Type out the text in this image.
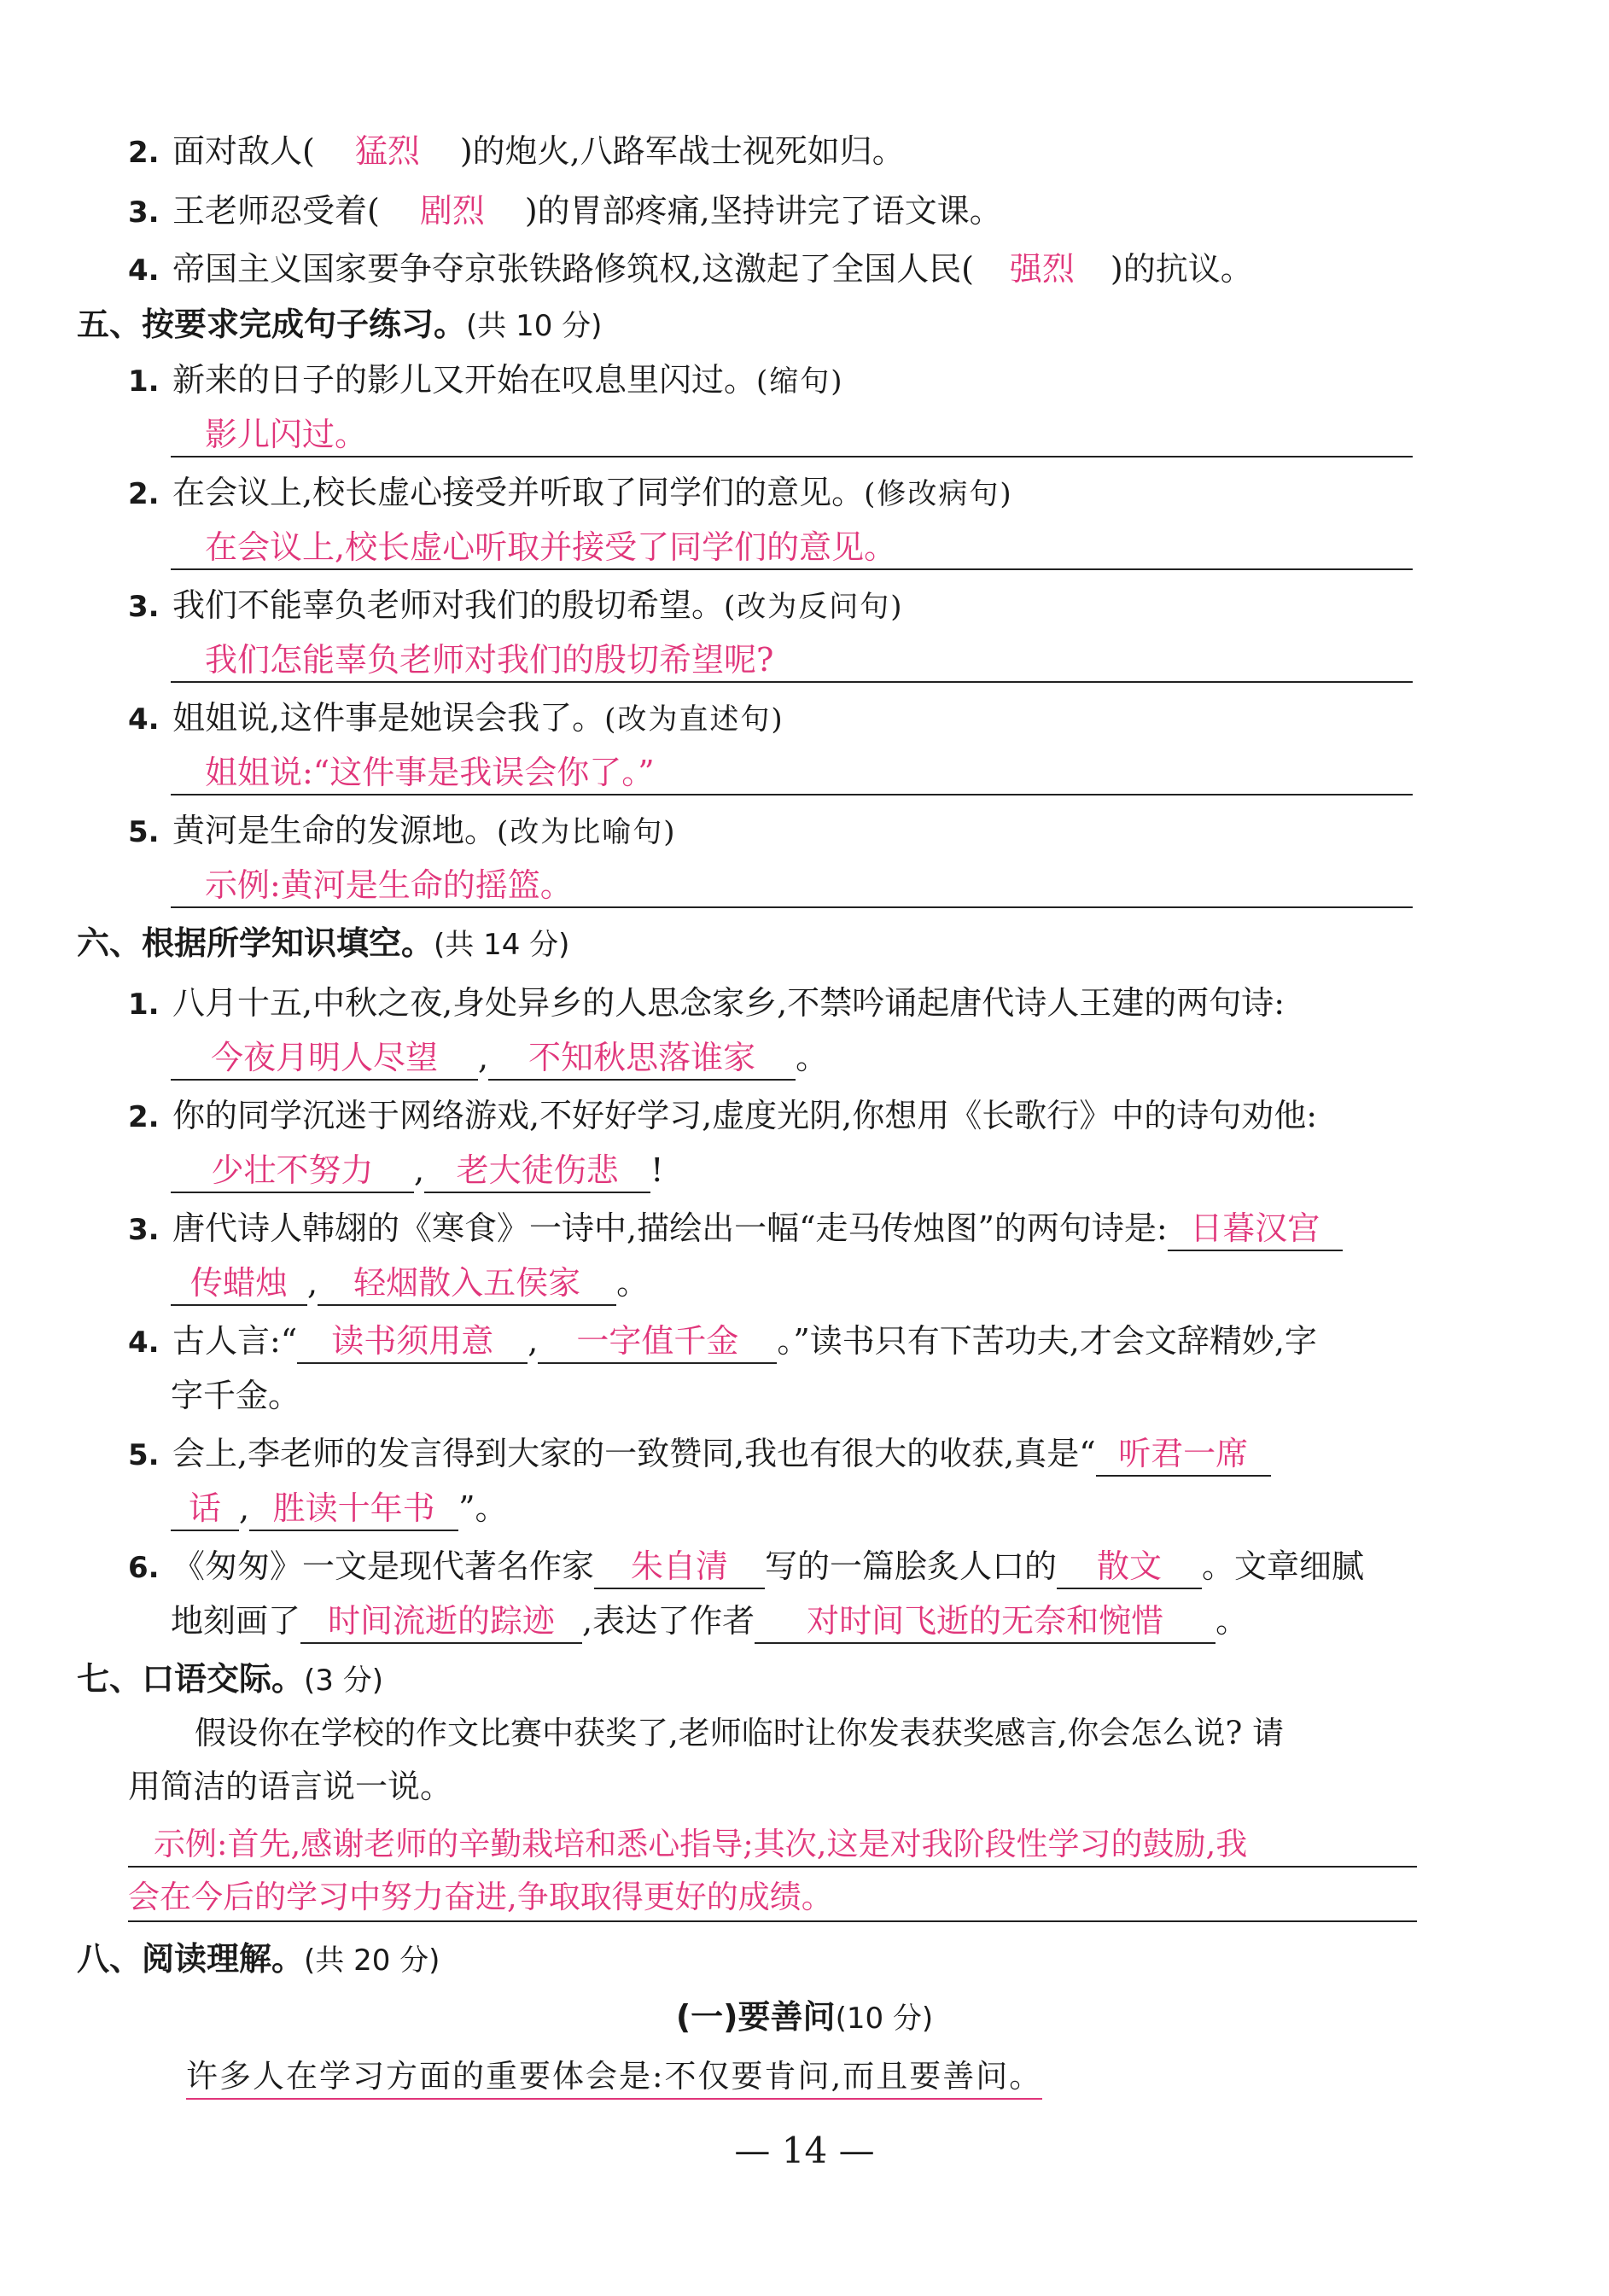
2. 面对敌人( 猛烈 )的炮火,八路军战士视死如归。
3. 王老师忍受着( 剧烈 )的胃部疼痛,坚持讲完了语文课。
4. 帝国主义国家要争夺京张铁路修筑权,这激起了全国人民( 强烈 )的抗议。
五、按要求完成句子练习。(共 10 分)
1. 新来的日子的影儿又开始在叹息里闪过。(缩句)
影儿闪过。
2. 在会议上,校长虚心接受并听取了同学们的意见。(修改病句)
在会议上,校长虚心听取并接受了同学们的意见。
3. 我们不能辜负老师对我们的殷切希望。(改为反问句)
我们怎能辜负老师对我们的殷切希望呢?
4. 姐姐说,这件事是她误会我了。(改为直述句)
姐姐说:“这件事是我误会你了。”
5. 黄河是生命的发源地。(改为比喻句)
示例:黄河是生命的摇篮。
六、根据所学知识填空。(共 14 分)
1. 八月十五,中秋之夜,身处异乡的人思念家乡,不禁吟诵起唐代诗人王建的两句诗:
今夜月明人尽望 , 不知秋思落谁家 。
2. 你的同学沉迷于网络游戏,不好好学习,虚度光阴,你想用《长歌行》中的诗句劝他:
少壮不努力 , 老大徒伤悲 !
3. 唐代诗人韩翃的《寒食》一诗中,描绘出一幅“走马传烛图”的两句诗是: 日暮汉宫
传蜡烛 , 轻烟散入五侯家 。
4. 古人言:“ 读书须用意 , 一字值千金 。”读书只有下苦功夫,才会文辞精妙,字
字千金。
5. 会上,李老师的发言得到大家的一致赞同,我也有很大的收获,真是“ 听君一席
话 , 胜读十年书 ”。
6. 《匆匆》一文是现代著名作家 朱自清 写的一篇脍炙人口的 散文 。文章细腻
地刻画了 时间流逝的踪迹 ,表达了作者 对时间飞逝的无奈和惋惜 。
七、口语交际。(3 分)
假设你在学校的作文比赛中获奖了,老师临时让你发表获奖感言,你会怎么说? 请
用简洁的语言说一说。
示例:首先,感谢老师的辛勤栽培和悉心指导;其次,这是对我阶段性学习的鼓励,我
会在今后的学习中努力奋进,争取取得更好的成绩。
八、阅读理解。(共 20 分)
(一)要善问(10 分)
许多人在学习方面的重要体会是:不仅要肯问,而且要善问。
— 14 —
